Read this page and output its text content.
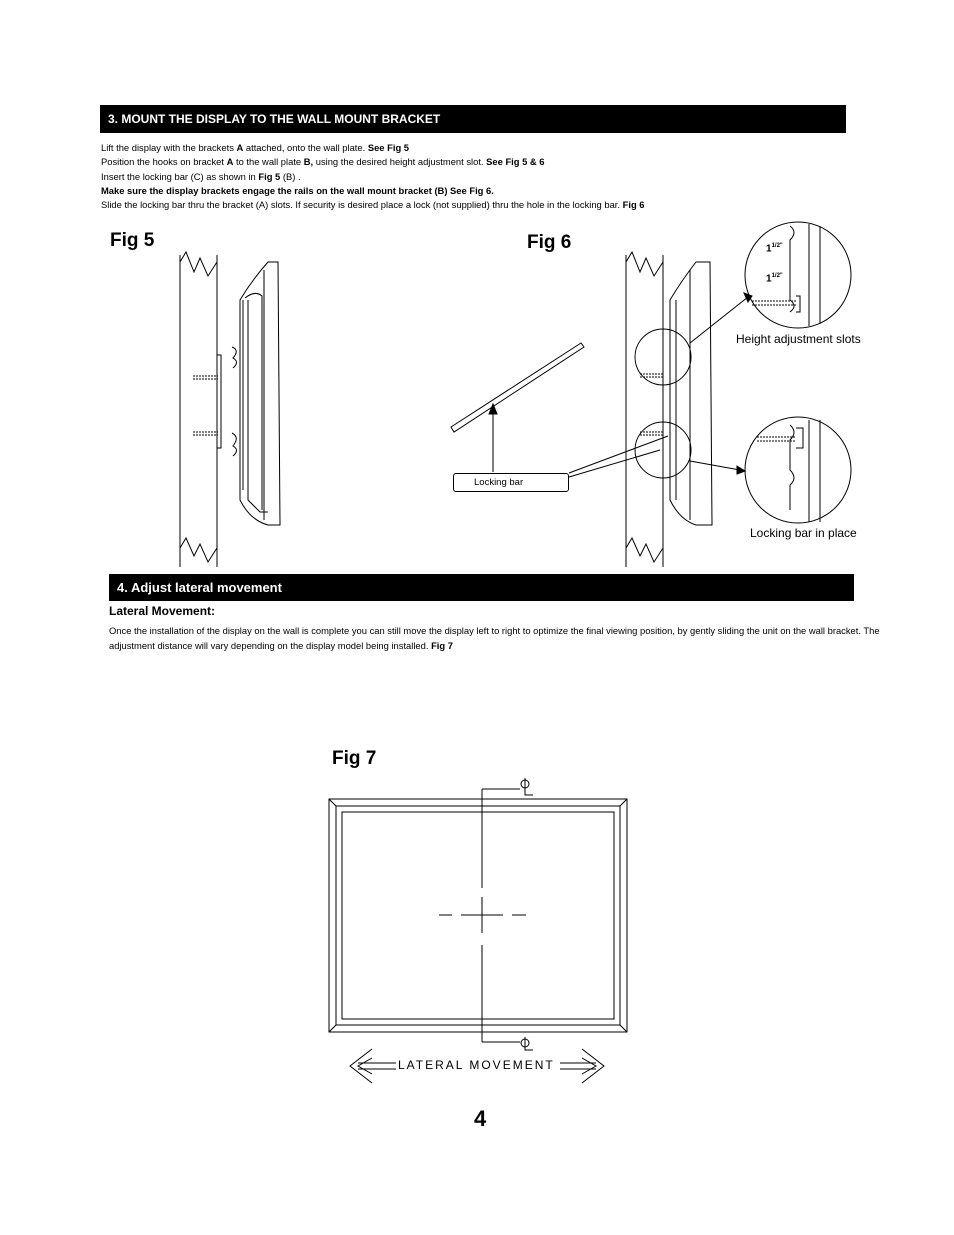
3. MOUNT THE DISPLAY TO THE WALL MOUNT BRACKET
Lift the display with the brackets A attached, onto the wall plate. See Fig 5
Position the hooks on bracket A to the wall plate B, using the desired height adjustment slot. See Fig 5 & 6
Insert the locking bar (C) as shown in Fig 5 (B) .
Make sure the display brackets engage the rails on the wall mount bracket (B) See Fig 6.
Slide the locking bar thru the bracket (A) slots. If security is desired place a lock (not supplied) thru the hole in the locking bar. Fig 6
Fig 5	Fig 6	$1^{1/2"}$
$1^{1/2"}$
Height adjustment slots
Locking bar
Locking bar in place
4. Adjust lateral movement
Lateral Movement:
Once the installation of the display on the wall is complete you can still move the display left to right to optimize the final viewing position, by gently sliding the unit on the wall bracket. The adjustment distance will vary depending on the display model being installed. Fig 7
Fig 7
LATERAL MOVEMENT
4
